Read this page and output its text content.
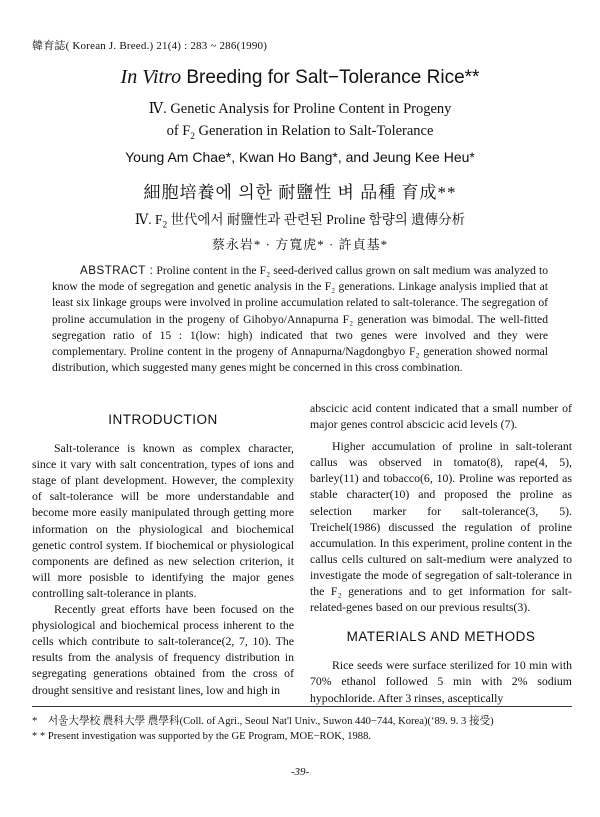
韓育誌( Korean J. Breed.) 21(4) : 283 ~ 286(1990)
In Vitro Breeding for Salt−Tolerance Rice**
Ⅳ. Genetic Analysis for Proline Content in Progeny
of $F_2$ Generation in Relation to Salt-Tolerance
Young Am Chae*, Kwan Ho Bang*, and Jeung Kee Heu*
細胞培養에 의한 耐鹽性 벼 品種 育成**
Ⅳ. $F_2$ 世代에서 耐鹽性과 관련된 Proline 함량의 遺傳分析
蔡永岩* · 方寬虎* · 許貞基*

ABSTRACT : Proline content in the F₂ seed-derived callus grown on salt medium was analyzed to know the mode of segregation and genetic analysis in the F₂ generations. Linkage analysis implied that at least six linkage groups were involved in proline accumulation related to salt-tolerance. The segregation of proline accumulation in the progeny of Gihobyo/Annapurna F₂ generation was bimodal. The well-fitted segregation ratio of 15 : 1(low: high) indicated that two genes were involved and they were complementary. Proline content in the progeny of Annapurna/Nagdongbyo F₂ generation showed normal distribution, which suggested many genes might be concerned in this cross combination.

INTRODUCTION

Salt-tolerance is known as complex character, since it vary with salt concentration, types of ions and stage of plant development. However, the complexity of salt-tolerance will be more understandable and become more easily manipulated through getting more information on the physiological and biochemical genetic control system. If biochemical or physiological components are defined as new selection criterion, it will more posisble to identifying the major genes controlling salt-tolerance in plants.

Recently great efforts have been focused on the physiological and biochemical process inherent to the cells which contribute to salt-tolerance(2, 7, 10). The results from the analysis of frequency distribution in segregating generations obtained from the cross of drought sensitive and resistant lines, low and high in

abscicic acid content indicated that a small number of major genes control abscicic acid levels (7).

Higher accumulation of proline in salt-tolerant callus was observed in tomato(8), rape(4, 5), barley(11) and tobacco(6, 10). Proline was reported as stable character(10) and proposed the proline as selection marker for salt-tolerance(3, 5). Treichel(1986) discussed the regulation of proline accumulation. In this experiment, proline content in the callus cells cultured on salt-medium were analyzed to investigate the mode of segregation of salt-tolerance in the F₂ generations and to get information for salt-related-genes based on our previous results(3).

MATERIALS AND METHODS

Rice seeds were surface sterilized for 10 min with 70% ethanol followed 5 min with 2% sodium hypochloride. After 3 rinses, asceptically

*　서울大學校 農科大學 農學科(Coll. of Agri., Seoul Nat'l Univ., Suwon 440−744, Korea)(‘89. 9. 3 接受)
* * Present investigation was supported by the GE Program, MOE−ROK, 1988.
-39-
